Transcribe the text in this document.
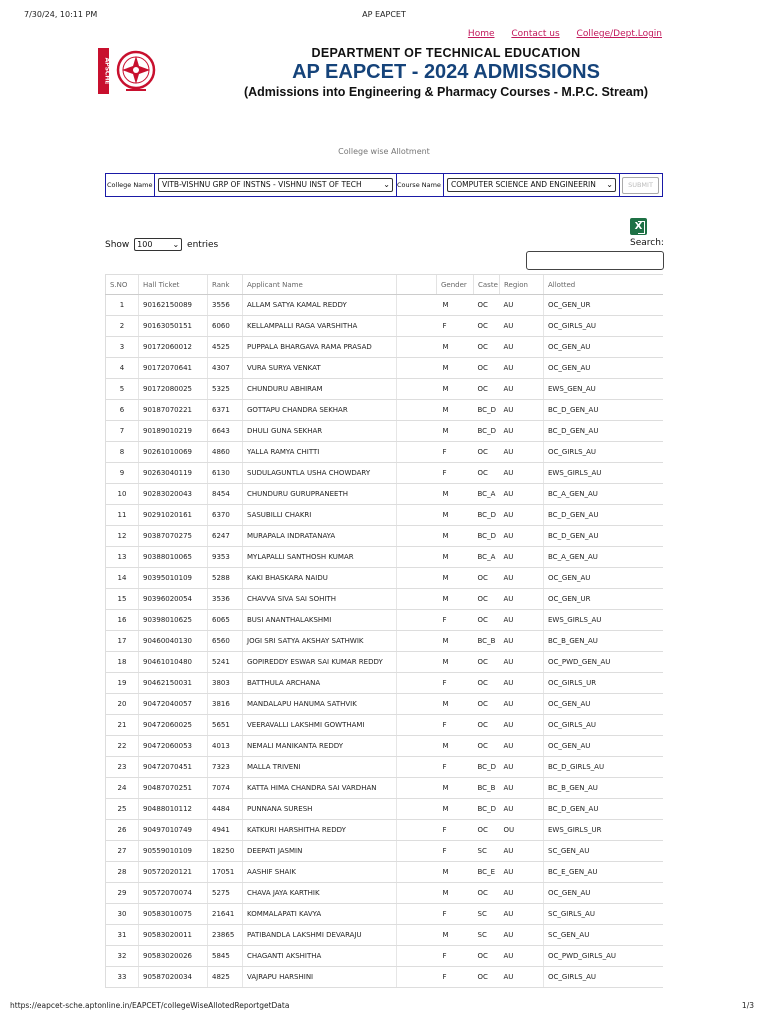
7/30/24, 10:11 PM	AP EAPCET
Home Contact us College/Dept.Login
APSCHE
DEPARTMENT OF TECHNICAL EDUCATION
AP EAPCET - 2024 ADMISSIONS
(Admissions into Engineering & Pharmacy Courses - M.P.C. Stream)
College wise Allotment
College Name	VITB-VISHNU GRP OF INSTNS - VISHNU INST OF TECH	⌄ Course Name	COMPUTER SCIENCE AND ENGINEERIN ⌄	SUBMIT
X
Show 100	⌄ entries	Search:
S.NO	Hall Ticket	Rank	Applicant Name		Gender	Caste	Region	Allotted
1	90162150089	3556	ALLAM SATYA KAMAL REDDY		M	OC	AU	OC_GEN_UR
2	90163050151	6060	KELLAMPALLI RAGA VARSHITHA		F	OC	AU	OC_GIRLS_AU
3	90172060012	4525	PUPPALA BHARGAVA RAMA PRASAD		M	OC	AU	OC_GEN_AU
4	90172070641	4307	VURA SURYA VENKAT		M	OC	AU	OC_GEN_AU
5	90172080025	5325	CHUNDURU ABHIRAM		M	OC	AU	EWS_GEN_AU
6	90187070221	6371	GOTTAPU CHANDRA SEKHAR		M	BC_D	AU	BC_D_GEN_AU
7	90189010219	6643	DHULI GUNA SEKHAR		M	BC_D	AU	BC_D_GEN_AU
8	90261010069	4860	YALLA RAMYA CHITTI		F	OC	AU	OC_GIRLS_AU
9	90263040119	6130	SUDULAGUNTLA USHA CHOWDARY		F	OC	AU	EWS_GIRLS_AU
10	90283020043	8454	CHUNDURU GURUPRANEETH		M	BC_A	AU	BC_A_GEN_AU
11	90291020161	6370	SASUBILLI CHAKRI		M	BC_D	AU	BC_D_GEN_AU
12	90387070275	6247	MURAPALA INDRATANAYA		M	BC_D	AU	BC_D_GEN_AU
13	90388010065	9353	MYLAPALLI SANTHOSH KUMAR		M	BC_A	AU	BC_A_GEN_AU
14	90395010109	5288	KAKI BHASKARA NAIDU		M	OC	AU	OC_GEN_AU
15	90396020054	3536	CHAVVA SIVA SAI SOHITH		M	OC	AU	OC_GEN_UR
16	90398010625	6065	BUSI ANANTHALAKSHMI		F	OC	AU	EWS_GIRLS_AU
17	90460040130	6560	JOGI SRI SATYA AKSHAY SATHWIK		M	BC_B	AU	BC_B_GEN_AU
18	90461010480	5241	GOPIREDDY ESWAR SAI KUMAR REDDY		M	OC	AU	OC_PWD_GEN_AU
19	90462150031	3803	BATTHULA ARCHANA		F	OC	AU	OC_GIRLS_UR
20	90472040057	3816	MANDALAPU HANUMA SATHVIK		M	OC	AU	OC_GEN_AU
21	90472060025	5651	VEERAVALLI LAKSHMI GOWTHAMI		F	OC	AU	OC_GIRLS_AU
22	90472060053	4013	NEMALI MANIKANTA REDDY		M	OC	AU	OC_GEN_AU
23	90472070451	7323	MALLA TRIVENI		F	BC_D	AU	BC_D_GIRLS_AU
24	90487070251	7074	KATTA HIMA CHANDRA SAI VARDHAN		M	BC_B	AU	BC_B_GEN_AU
25	90488010112	4484	PUNNANA SURESH		M	BC_D	AU	BC_D_GEN_AU
26	90497010749	4941	KATKURI HARSHITHA REDDY		F	OC	OU	EWS_GIRLS_UR
27	90559010109	18250	DEEPATI JASMIN		F	SC	AU	SC_GEN_AU
28	90572020121	17051	AASHIF SHAIK		M	BC_E	AU	BC_E_GEN_AU
29	90572070074	5275	CHAVA JAYA KARTHIK		M	OC	AU	OC_GEN_AU
30	90583010075	21641	KOMMALAPATI KAVYA		F	SC	AU	SC_GIRLS_AU
31	90583020011	23865	PATIBANDLA LAKSHMI DEVARAJU		M	SC	AU	SC_GEN_AU
32	90583020026	5845	CHAGANTI AKSHITHA		F	OC	AU	OC_PWD_GIRLS_AU
33	90587020034	4825	VAJRAPU HARSHINI		F	OC	AU	OC_GIRLS_AU
https://eapcet-sche.aptonline.in/EAPCET/collegeWiseAllotedReportgetData	1/3
